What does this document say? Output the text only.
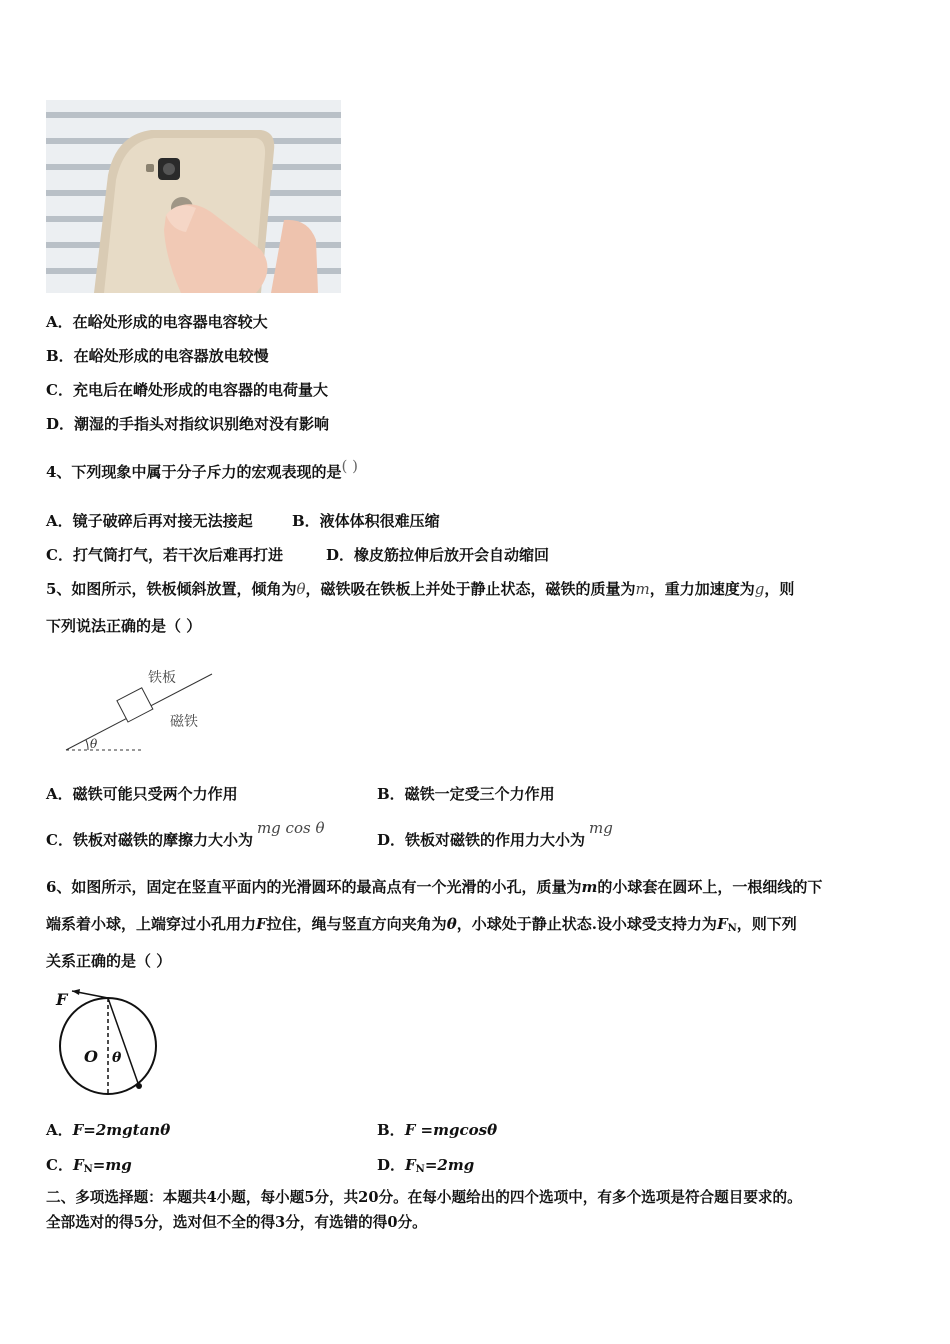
A．在峪处形成的电容器电容较大
B．在峪处形成的电容器放电较慢
C．充电后在嵴处形成的电容器的电荷量大
D．潮湿的手指头对指纹识别绝对没有影响
4、下列现象中属于分子斥力的宏观表现的是( )
A．镜子破碎后再对接无法接起	B．液体体积很难压缩
C．打气筒打气，若干次后难再打进	D．橡皮筋拉伸后放开会自动缩回
5、如图所示，铁板倾斜放置，倾角为θ，磁铁吸在铁板上并处于静止状态，磁铁的质量为m，重力加速度为g，则
下列说法正确的是（ ）
铁板
磁铁
θ
A．磁铁可能只受两个力作用	B．磁铁一定受三个力作用
C．铁板对磁铁的摩擦力大小为mg cos θ
D．铁板对磁铁的作用力大小为mg
6、如图所示，固定在竖直平面内的光滑圆环的最高点有一个光滑的小孔，质量为m的小球套在圆环上，一根细线的下
端系着小球，上端穿过小孔用力F拉住，绳与竖直方向夹角为θ，小球处于静止状态.设小球受支持力为$F_N$，则下列
关系正确的是（ ）
F
O θ
A．F=2mgtanθ	B．F =mgcosθ
C．$F_N=mg$	D．$F_N=2mg$
二、多项选择题：本题共4小题，每小题5分，共20分。在每小题给出的四个选项中，有多个选项是符合题目要求的。
全部选对的得5分，选对但不全的得3分，有选错的得0分。
